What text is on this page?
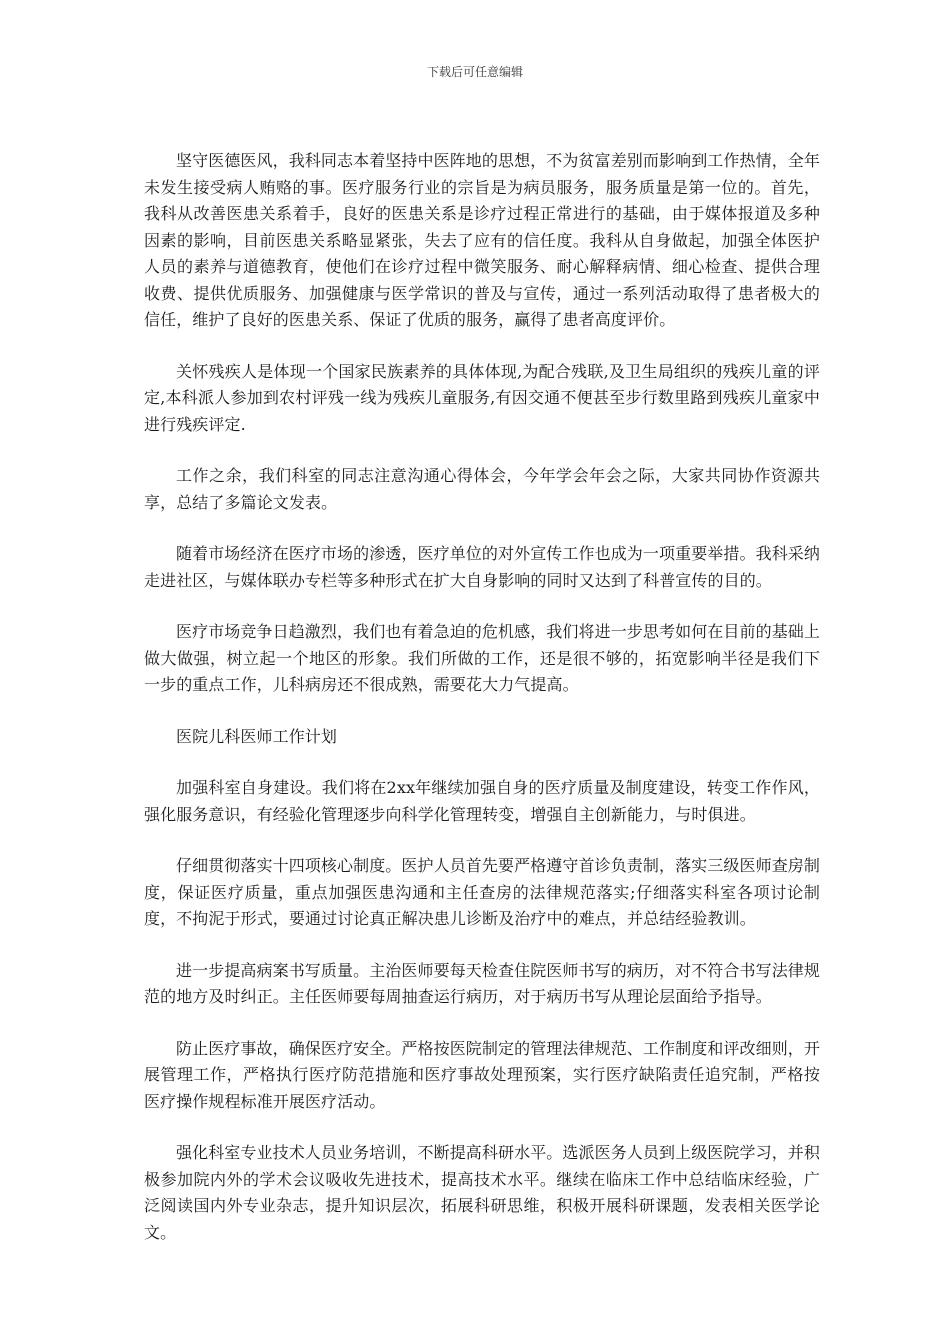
下载后可任意编辑

坚守医德医风，我科同志本着坚持中医阵地的思想，不为贫富差别而影响到工作热情，全年未发生接受病人贿赂的事。医疗服务行业的宗旨是为病员服务，服务质量是第一位的。首先，我科从改善医患关系着手，良好的医患关系是诊疗过程正常进行的基础，由于媒体报道及多种因素的影响，目前医患关系略显紧张，失去了应有的信任度。我科从自身做起，加强全体医护人员的素养与道德教育，使他们在诊疗过程中微笑服务、耐心解释病情、细心检查、提供合理收费、提供优质服务、加强健康与医学常识的普及与宣传，通过一系列活动取得了患者极大的信任，维护了良好的医患关系、保证了优质的服务，赢得了患者高度评价。

关怀残疾人是体现一个国家民族素养的具体体现,为配合残联,及卫生局组织的残疾儿童的评定,本科派人参加到农村评残一线为残疾儿童服务,有因交通不便甚至步行数里路到残疾儿童家中进行残疾评定.

工作之余，我们科室的同志注意沟通心得体会，今年学会年会之际，大家共同协作资源共享，总结了多篇论文发表。

随着市场经济在医疗市场的渗透，医疗单位的对外宣传工作也成为一项重要举措。我科采纳走进社区，与媒体联办专栏等多种形式在扩大自身影响的同时又达到了科普宣传的目的。

医疗市场竞争日趋激烈，我们也有着急迫的危机感，我们将进一步思考如何在目前的基础上做大做强，树立起一个地区的形象。我们所做的工作，还是很不够的，拓宽影响半径是我们下一步的重点工作，儿科病房还不很成熟，需要花大力气提高。

医院儿科医师工作计划

加强科室自身建设。我们将在2xx年继续加强自身的医疗质量及制度建设，转变工作作风，强化服务意识，有经验化管理逐步向科学化管理转变，增强自主创新能力，与时俱进。

仔细贯彻落实十四项核心制度。医护人员首先要严格遵守首诊负责制，落实三级医师查房制度，保证医疗质量，重点加强医患沟通和主任查房的法律规范落实;仔细落实科室各项讨论制度，不拘泥于形式，要通过讨论真正解决患儿诊断及治疗中的难点，并总结经验教训。

进一步提高病案书写质量。主治医师要每天检查住院医师书写的病历，对不符合书写法律规范的地方及时纠正。主任医师要每周抽查运行病历，对于病历书写从理论层面给予指导。

防止医疗事故，确保医疗安全。严格按医院制定的管理法律规范、工作制度和评改细则，开展管理工作，严格执行医疗防范措施和医疗事故处理预案，实行医疗缺陷责任追究制，严格按医疗操作规程标准开展医疗活动。

强化科室专业技术人员业务培训，不断提高科研水平。选派医务人员到上级医院学习，并积极参加院内外的学术会议吸收先进技术，提高技术水平。继续在临床工作中总结临床经验，广泛阅读国内外专业杂志，提升知识层次，拓展科研思维，积极开展科研课题，发表相关医学论文。
